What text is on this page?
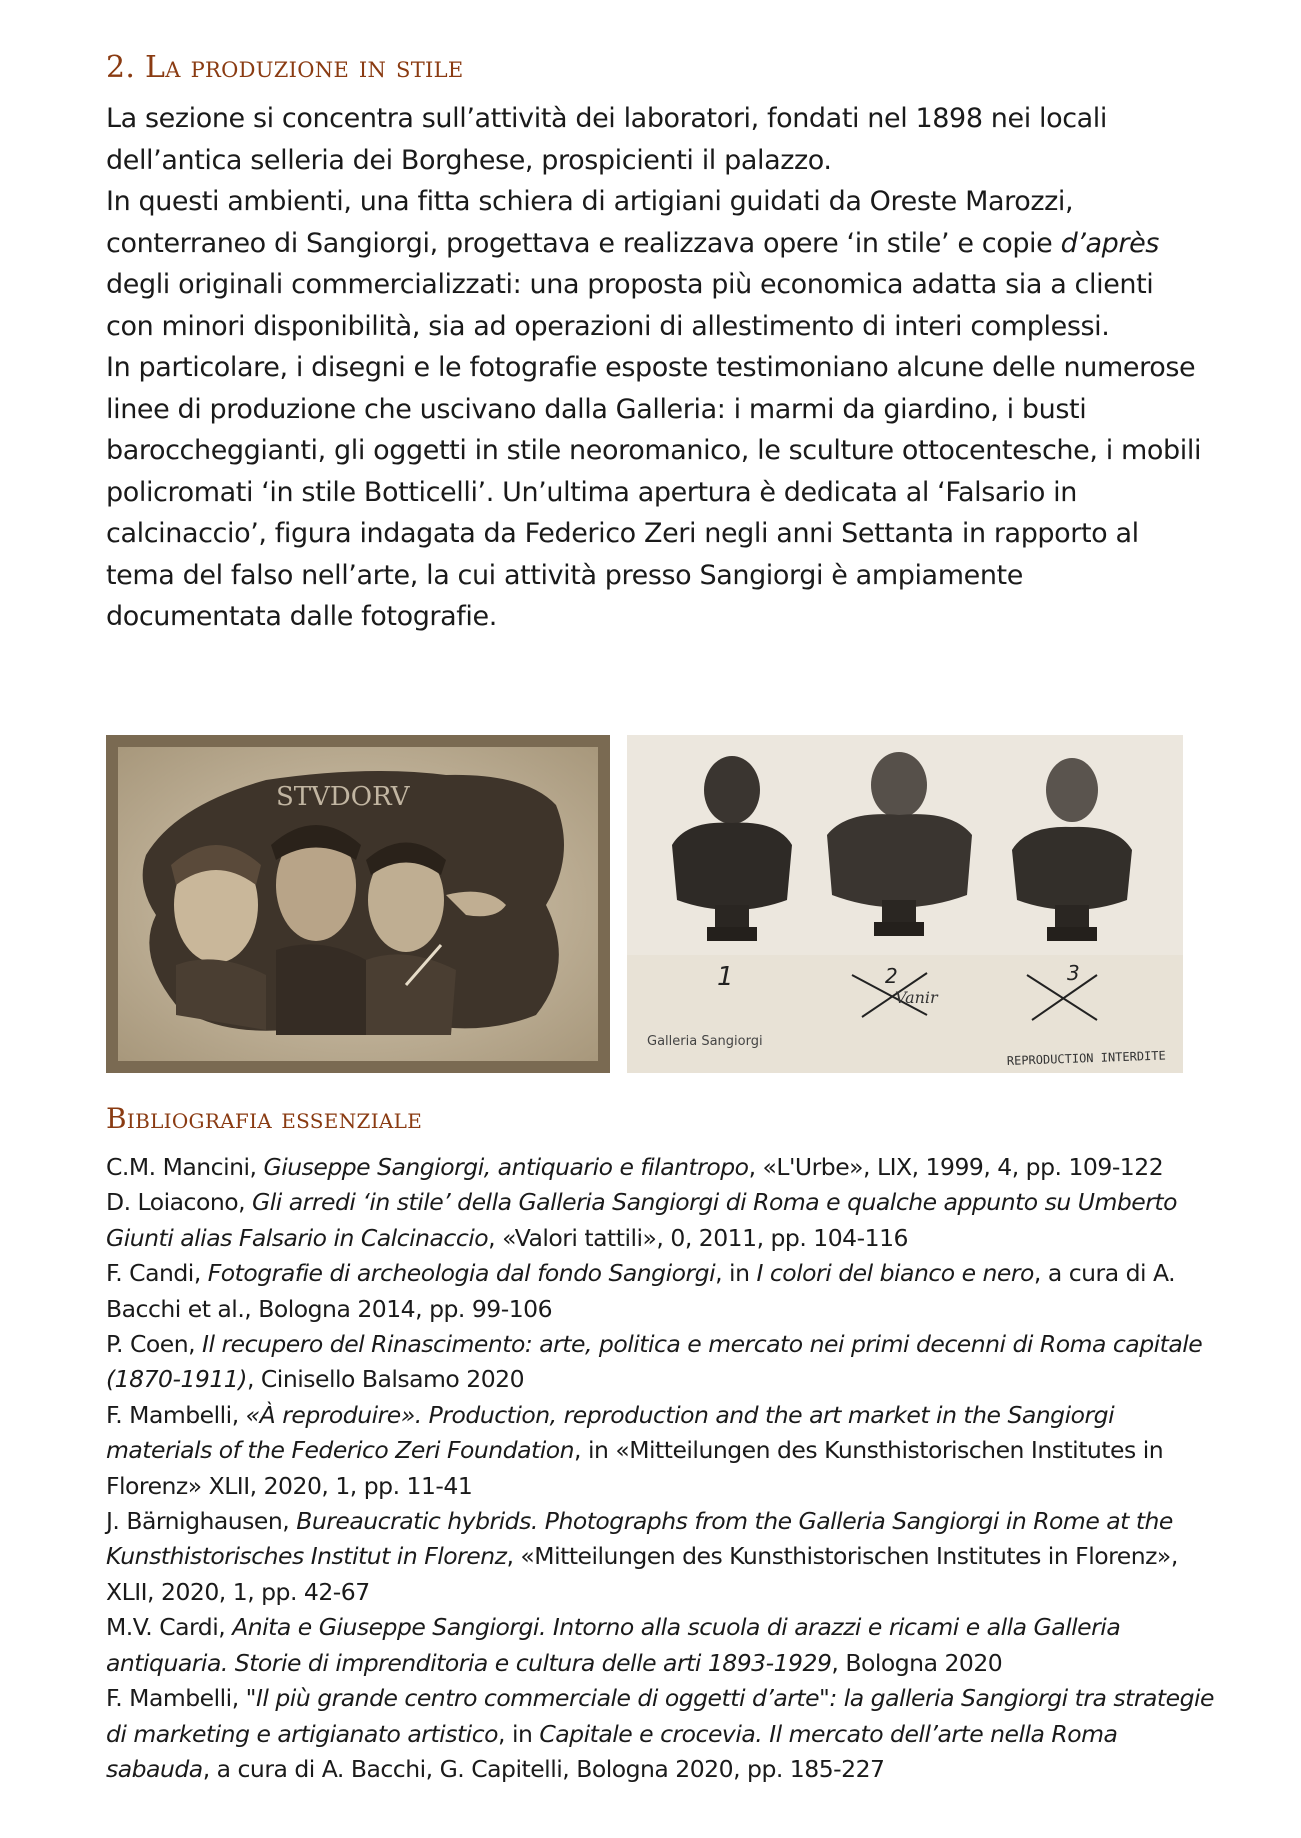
2. La produzione in stile

La sezione si concentra sull’attività dei laboratori, fondati nel 1898 nei locali dell’antica selleria dei Borghese, prospicienti il palazzo.

In questi ambienti, una fitta schiera di artigiani guidati da Oreste Marozzi, conterraneo di Sangiorgi, progettava e realizzava opere ‘in stile’ e copie d’après degli originali commercializzati: una proposta più economica adatta sia a clienti con minori disponibilità, sia ad operazioni di allestimento di interi complessi.

In particolare, i disegni e le fotografie esposte testimoniano alcune delle numerose linee di produzione che uscivano dalla Galleria: i marmi da giardino, i busti baroccheggianti, gli oggetti in stile neoromanico, le sculture ottocentesche, i mobili policromati ‘in stile Botticelli’. Un’ultima apertura è dedicata al ‘Falsario in calcinaccio’, figura indagata da Federico Zeri negli anni Settanta in rapporto al tema del falso nell’arte, la cui attività presso Sangiorgi è ampiamente documentata dalle fotografie.

STVDORV
1	2	3
Vanir
Galleria Sangiorgi
REPRODUCTION INTERDITE
Bibliografia essenziale

C.M. Mancini, Giuseppe Sangiorgi, antiquario e filantropo, «L'Urbe», LIX, 1999, 4, pp. 109-122

D. Loiacono, Gli arredi ‘in stile’ della Galleria Sangiorgi di Roma e qualche appunto su Umberto Giunti alias Falsario in Calcinaccio, «Valori tattili», 0, 2011, pp. 104-116

F. Candi, Fotografie di archeologia dal fondo Sangiorgi, in I colori del bianco e nero, a cura di A. Bacchi et al., Bologna 2014, pp. 99-106

P. Coen, Il recupero del Rinascimento: arte, politica e mercato nei primi decenni di Roma capitale (1870-1911), Cinisello Balsamo 2020

F. Mambelli, «À reproduire». Production, reproduction and the art market in the Sangiorgi materials of the Federico Zeri Foundation, in «Mitteilungen des Kunsthistorischen Institutes in Florenz» XLII, 2020, 1, pp. 11-41

J. Bärnighausen, Bureaucratic hybrids. Photographs from the Galleria Sangiorgi in Rome at the Kunsthistorisches Institut in Florenz, «Mitteilungen des Kunsthistorischen Institutes in Florenz», XLII, 2020, 1, pp. 42-67

M.V. Cardi, Anita e Giuseppe Sangiorgi. Intorno alla scuola di arazzi e ricami e alla Galleria antiquaria. Storie di imprenditoria e cultura delle arti 1893-1929, Bologna 2020

F. Mambelli, "Il più grande centro commerciale di oggetti d’arte": la galleria Sangiorgi tra strategie di marketing e artigianato artistico, in Capitale e crocevia. Il mercato dell’arte nella Roma sabauda, a cura di A. Bacchi, G. Capitelli, Bologna 2020, pp. 185-227
